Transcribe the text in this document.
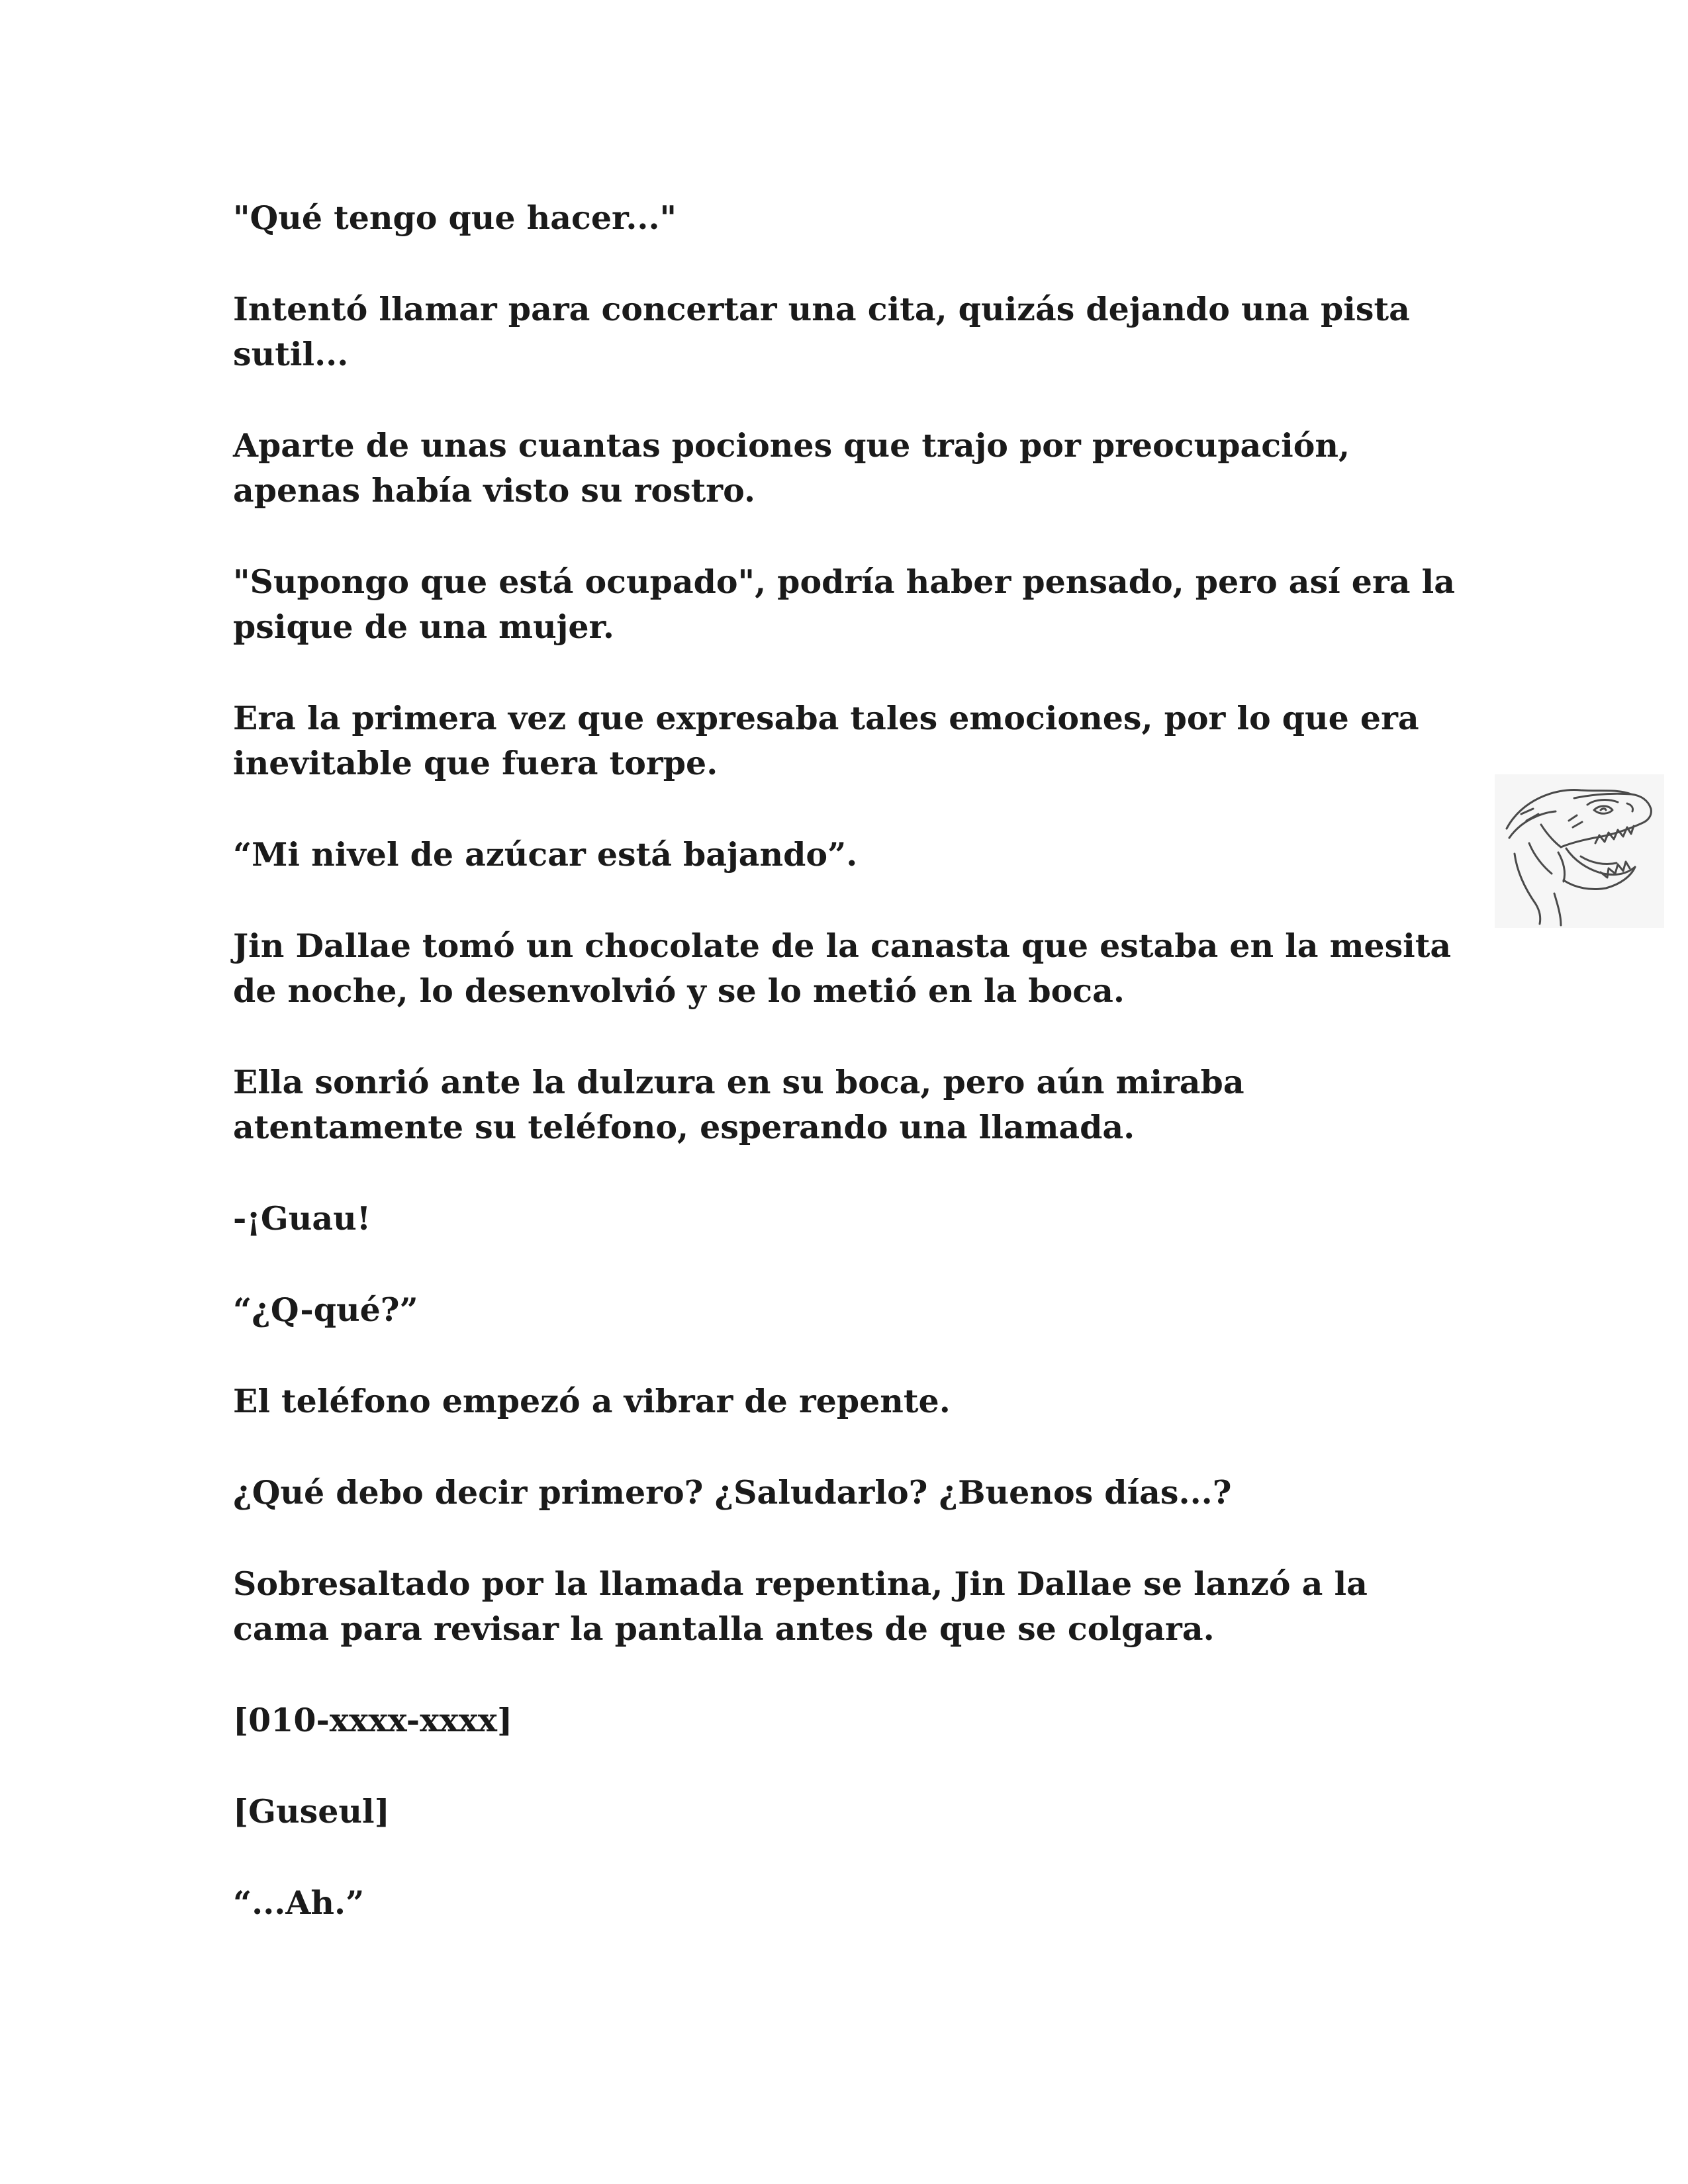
"Qué tengo que hacer..."

Intentó llamar para concertar una cita, quizás dejando una pista sutil...

Aparte de unas cuantas pociones que trajo por preocupación, apenas había visto su rostro.

"Supongo que está ocupado", podría haber pensado, pero así era la psique de una mujer.

Era la primera vez que expresaba tales emociones, por lo que era inevitable que fuera torpe.

“Mi nivel de azúcar está bajando”.

Jin Dallae tomó un chocolate de la canasta que estaba en la mesita de noche, lo desenvolvió y se lo metió en la boca.

Ella sonrió ante la dulzura en su boca, pero aún miraba atentamente su teléfono, esperando una llamada.

-¡Guau!

“¿Q-qué?”

El teléfono empezó a vibrar de repente.

¿Qué debo decir primero? ¿Saludarlo? ¿Buenos días...?

Sobresaltado por la llamada repentina, Jin Dallae se lanzó a la cama para revisar la pantalla antes de que se colgara.

[010-xxxx-xxxx]

[Guseul]

“...Ah.”
